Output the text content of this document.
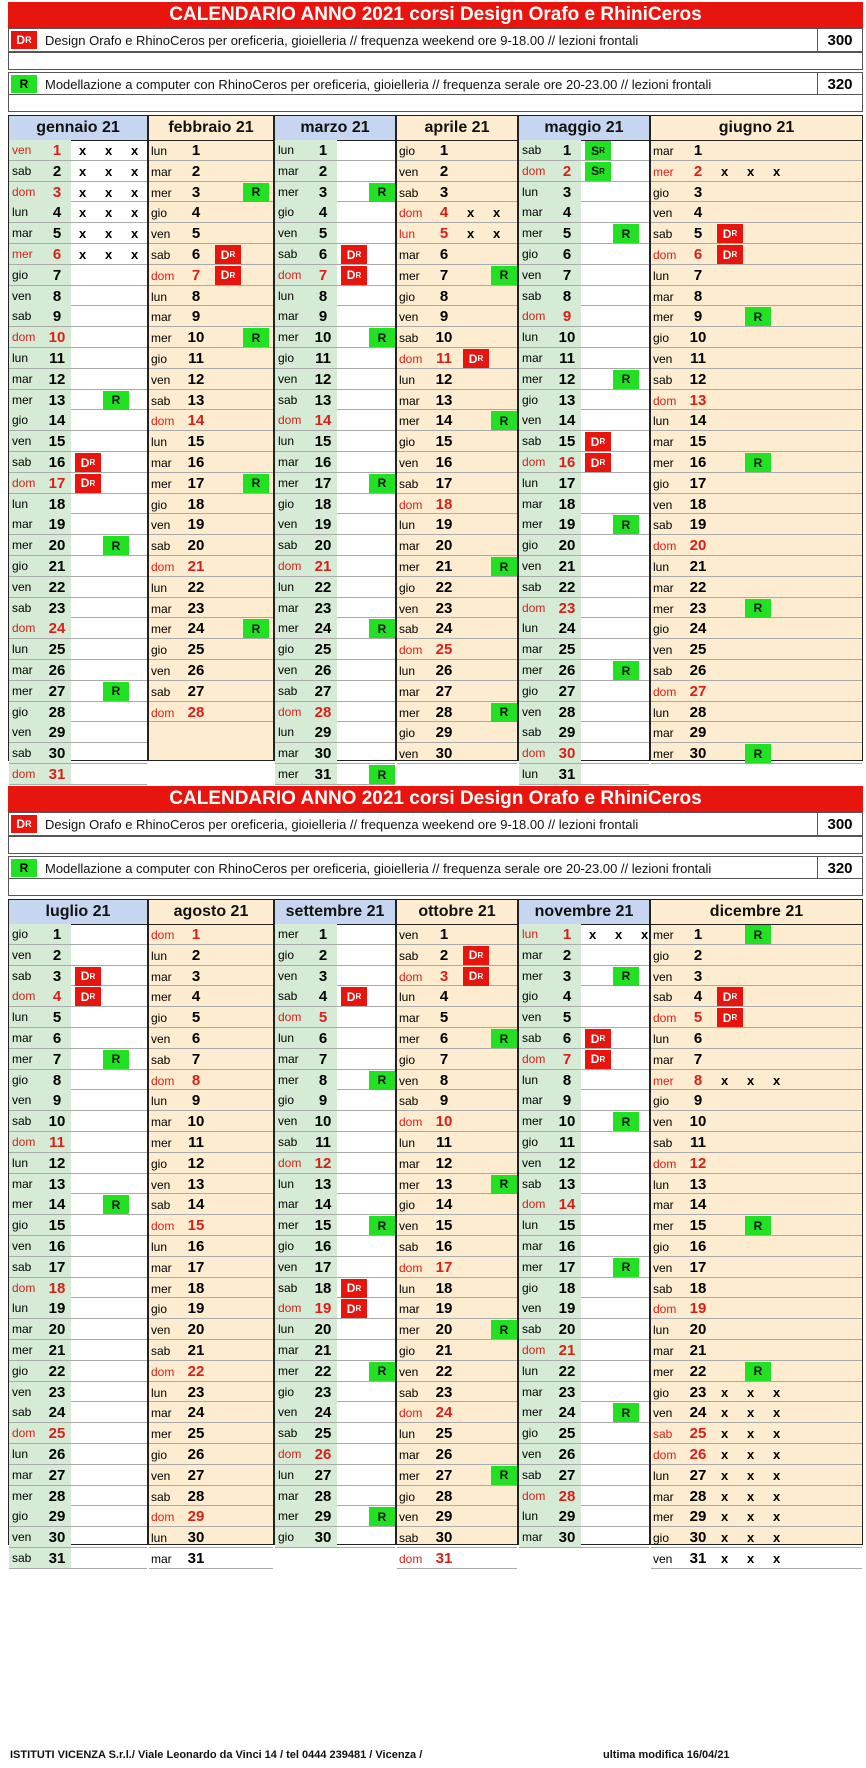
CALENDARIO ANNO 2021 corsi Design Orafo e RhiniCeros
D R Design Orafo e RhinoCeros per oreficeria, gioielleria // frequenza weekend ore 9-18.00 // lezioni frontali	300
R	Modellazione a computer con RhinoCeros per oreficeria, gioielleria // frequenza serale ore 20-23.00 // lezioni frontali	320
gennaio 21
ven	1	x x x
sab	2	x x x
dom	3	x x x
lun	4	x x x
mar	5	x x x
mer	6	x x x
gio	7
ven	8
sab	9
dom 10
lun	11
mar	12
mer	13	R
gio	14
ven	15
sab	16	D R
dom 17	D R
lun	18
mar	19
mer	20	R
gio	21
ven	22
sab	23
dom 24
lun	25
mar	26
mer	27	R
gio	28
ven	29
sab	30
dom 31
febbraio 21
lun	1
mar	2
mer	3	R
gio	4
ven	5
sab	6	D R
dom	7	D R
lun	8
mar	9
mer	10	R
gio	11
ven	12
sab	13
dom 14
lun	15
mar	16
mer	17	R
gio	18
ven	19
sab	20
dom 21
lun	22
mar	23
mer	24	R
gio	25
ven	26
sab	27
dom 28
marzo 21
lun	1
mar	2
mer	3	R
gio	4
ven	5
sab	6	D R
dom	7	D R
lun	8
mar	9
mer	10	R
gio	11
ven	12
sab	13
dom 14
lun	15
mar	16
mer	17	R
gio	18
ven	19
sab	20
dom 21
lun	22
mar	23
mer	24	R
gio	25
ven	26
sab	27
dom 28
lun	29
mar	30
mer	31	R
aprile 21
gio	1
ven	2
sab	3
dom	4	x x
lun	5	x x
mar	6
mer	7	R
gio	8
ven	9
sab	10
dom 11	D R
lun	12
mar	13
mer	14	R
gio	15
ven	16
sab	17
dom 18
lun	19
mar	20
mer	21	R
gio	22
ven	23
sab	24
dom 25
lun	26
mar	27
mer	28	R
gio	29
ven	30
maggio 21
sab	1	S R
dom	2	S R
lun	3
mar	4
mer	5	R
gio	6
ven	7
sab	8
dom	9
lun	10
mar	11
mer	12	R
gio	13
ven	14
sab	15	D R
dom 16	D R
lun	17
mar	18
mer	19	R
gio	20
ven	21
sab	22
dom 23
lun	24
mar	25
mer	26	R
gio	27
ven	28
sab	29
dom 30
lun	31
giugno 21
mar	1
mer	2	x x x
gio	3
ven	4
sab	5	D R
dom	6	D R
lun	7
mar	8
mer	9	R
gio	10
ven	11
sab	12
dom 13
lun	14
mar	15
mer	16	R
gio	17
ven	18
sab	19
dom 20
lun	21
mar	22
mer	23	R
gio	24
ven	25
sab	26
dom 27
lun	28
mar	29
mer	30	R
CALENDARIO ANNO 2021 corsi Design Orafo e RhiniCeros
D R Design Orafo e RhinoCeros per oreficeria, gioielleria // frequenza weekend ore 9-18.00 // lezioni frontali	300
R	Modellazione a computer con RhinoCeros per oreficeria, gioielleria // frequenza serale ore 20-23.00 // lezioni frontali	320
luglio 21
gio	1
ven	2
sab	3	D R
dom	4	D R
lun	5
mar	6
mer	7	R
gio	8
ven	9
sab	10
dom 11
lun	12
mar	13
mer	14	R
gio	15
ven	16
sab	17
dom 18
lun	19
mar	20
mer	21
gio	22
ven	23
sab	24
dom 25
lun	26
mar	27
mer	28
gio	29
ven	30
sab	31
agosto 21
dom	1
lun	2
mar	3
mer	4
gio	5
ven	6
sab	7
dom	8
lun	9
mar	10
mer	11
gio	12
ven	13
sab	14
dom 15
lun	16
mar	17
mer	18
gio	19
ven	20
sab	21
dom 22
lun	23
mar	24
mer	25
gio	26
ven	27
sab	28
dom 29
lun	30
mar	31
settembre 21
mer	1
gio	2
ven	3
sab	4	D R
dom	5
lun	6
mar	7
mer	8	R
gio	9
ven	10
sab	11
dom 12
lun	13
mar	14
mer	15	R
gio	16
ven	17
sab	18	D R
dom 19	D R
lun	20
mar	21
mer	22	R
gio	23
ven	24
sab	25
dom 26
lun	27
mar	28
mer	29	R
gio	30
ottobre 21
ven	1
sab	2	D R
dom	3	D R
lun	4
mar	5
mer	6	R
gio	7
ven	8
sab	9
dom 10
lun	11
mar	12
mer	13	R
gio	14
ven	15
sab	16
dom 17
lun	18
mar	19
mer	20	R
gio	21
ven	22
sab	23
dom 24
lun	25
mar	26
mer	27	R
gio	28
ven	29
sab	30
dom 31
novembre 21
lun	1	x x x
mar	2
mer	3	R
gio	4
ven	5
sab	6	D R
dom	7	D R
lun	8
mar	9
mer	10	R
gio	11
ven	12
sab	13
dom 14
lun	15
mar	16
mer	17	R
gio	18
ven	19
sab	20
dom 21
lun	22
mar	23
mer	24	R
gio	25
ven	26
sab	27
dom 28
lun	29
mar	30
dicembre 21
mer	1	R
gio	2
ven	3
sab	4	D R
dom	5	D R
lun	6
mar	7
mer	8	x x x
gio	9
ven	10
sab	11
dom 12
lun	13
mar	14
mer	15	R
gio	16
ven	17
sab	18
dom 19
lun	20
mar	21
mer	22	R
gio	23 x x x
ven	24 x x x
sab	25 x x x
dom 26 x x x
lun	27 x x x
mar	28 x x x
mer	29 x x x
gio	30 x x x
ven	31 x x x
ISTITUTI VICENZA S.r.l./ Viale Leonardo da Vinci 14 / tel 0444 239481 / Vicenza /	ultima modifica 16/04/21
